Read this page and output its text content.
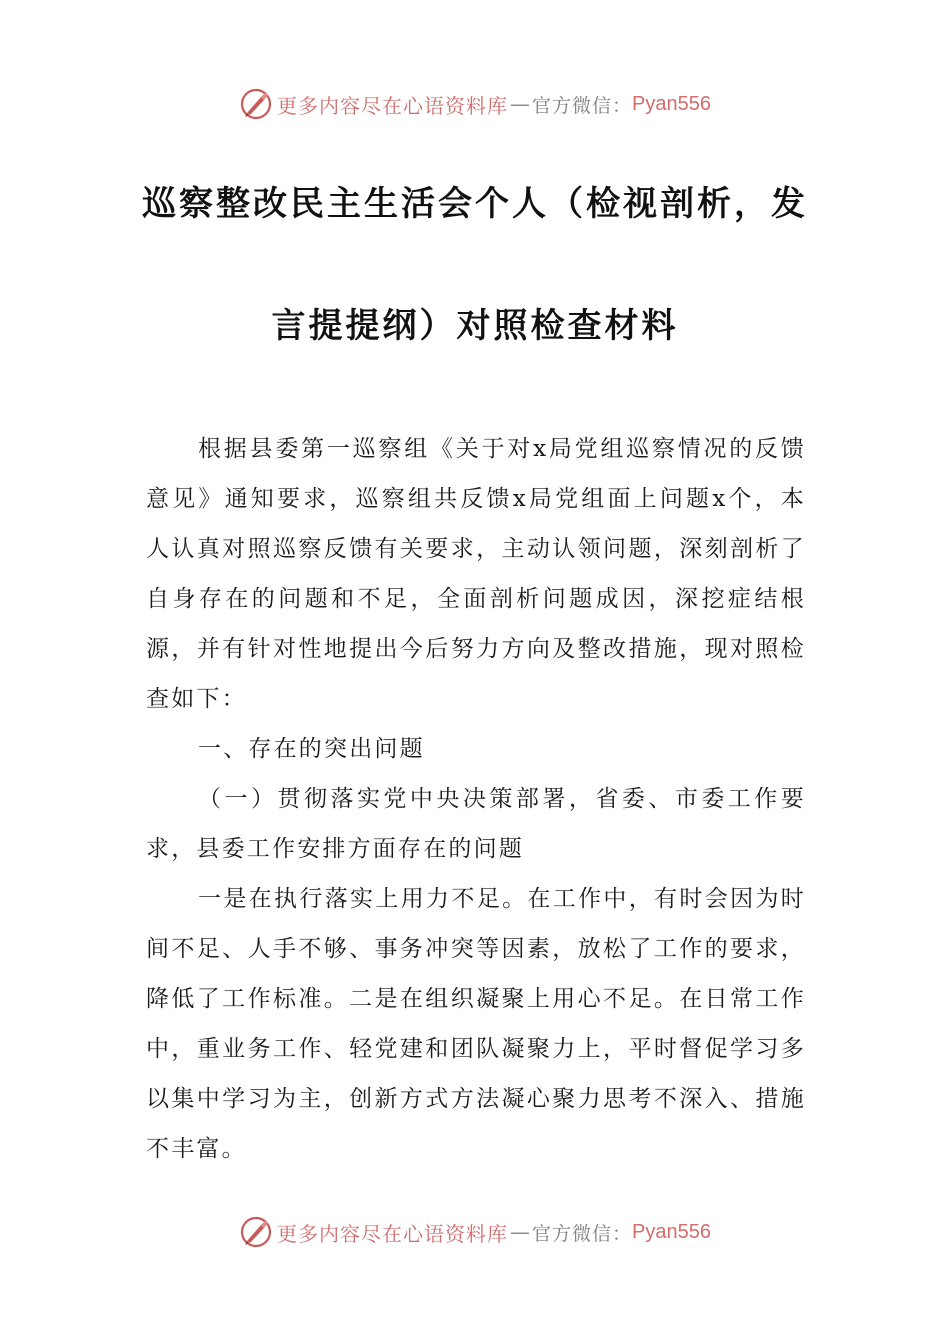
更多内容尽在心语资料库 — 官方微信： Pyan556
巡察整改民主生活会个人（检视剖析，发
言提提纲）对照检查材料

根据县委第一巡察组《关于对x局党组巡察情况的反馈意见》通知要求，巡察组共反馈x局党组面上问题x个，本人认真对照巡察反馈有关要求，主动认领问题，深刻剖析了自身存在的问题和不足，全面剖析问题成因，深挖症结根源，并有针对性地提出今后努力方向及整改措施，现对照检查如下：

一、存在的突出问题

（一）贯彻落实党中央决策部署，省委、市委工作要求，县委工作安排方面存在的问题

一是在执行落实上用力不足。在工作中，有时会因为时间不足、人手不够、事务冲突等因素，放松了工作的要求，降低了工作标准。二是在组织凝聚上用心不足。在日常工作中，重业务工作、轻党建和团队凝聚力上，平时督促学习多以集中学习为主，创新方式方法凝心聚力思考不深入、措施不丰富。

更多内容尽在心语资料库 — 官方微信： Pyan556
